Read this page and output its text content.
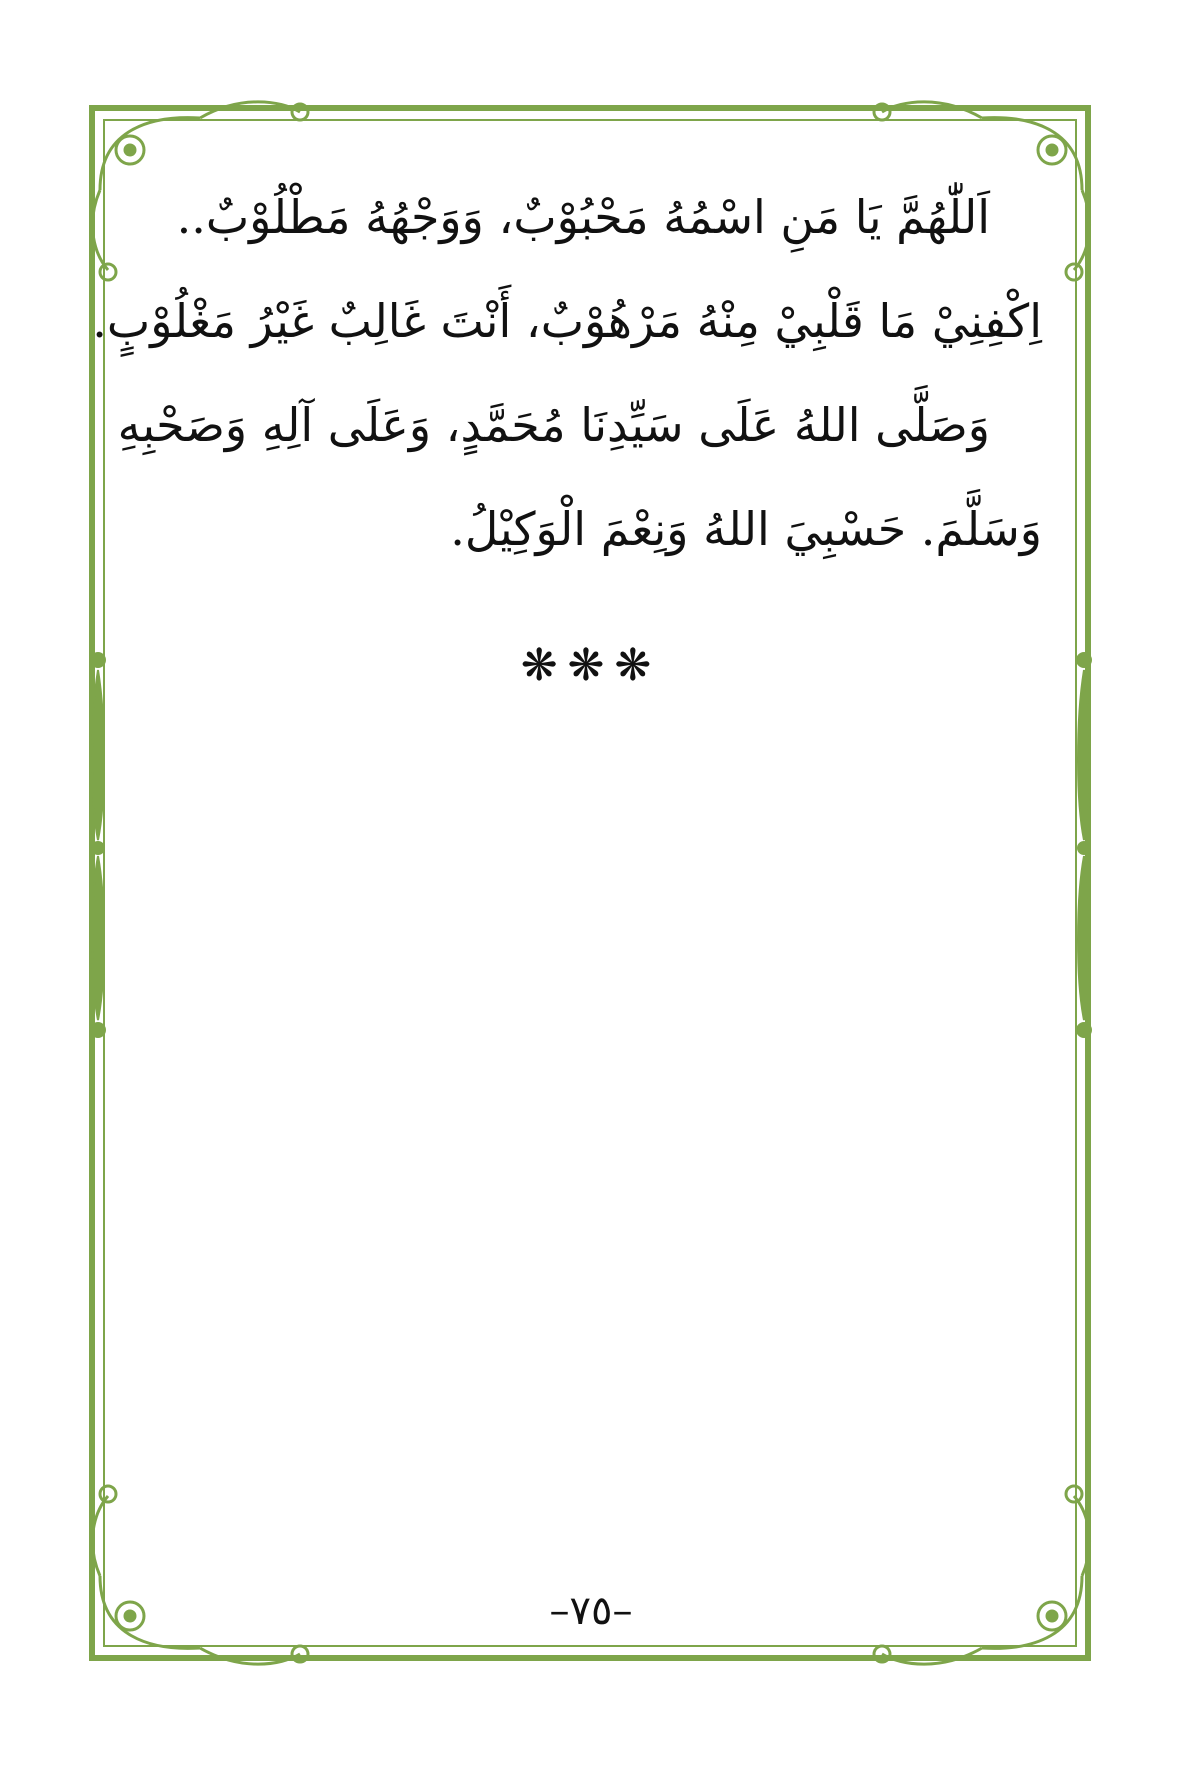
اَللّٰهُمَّ يَا مَنِ اسْمُهُ مَحْبُوْبٌ، وَوَجْهُهُ مَطْلُوْبٌ..
اِكْفِنِيْ مَا قَلْبِيْ مِنْهُ مَرْهُوْبٌ، أَنْتَ غَالِبٌ غَيْرُ مَغْلُوْبٍ.
وَصَلَّى اللهُ عَلَى سَيِّدِنَا مُحَمَّدٍ، وَعَلَى آلِهِ وَصَحْبِهِ
وَسَلَّمَ. حَسْبِيَ اللهُ وَنِعْمَ الْوَكِيْلُ.
❋❋❋
–٧٥–
